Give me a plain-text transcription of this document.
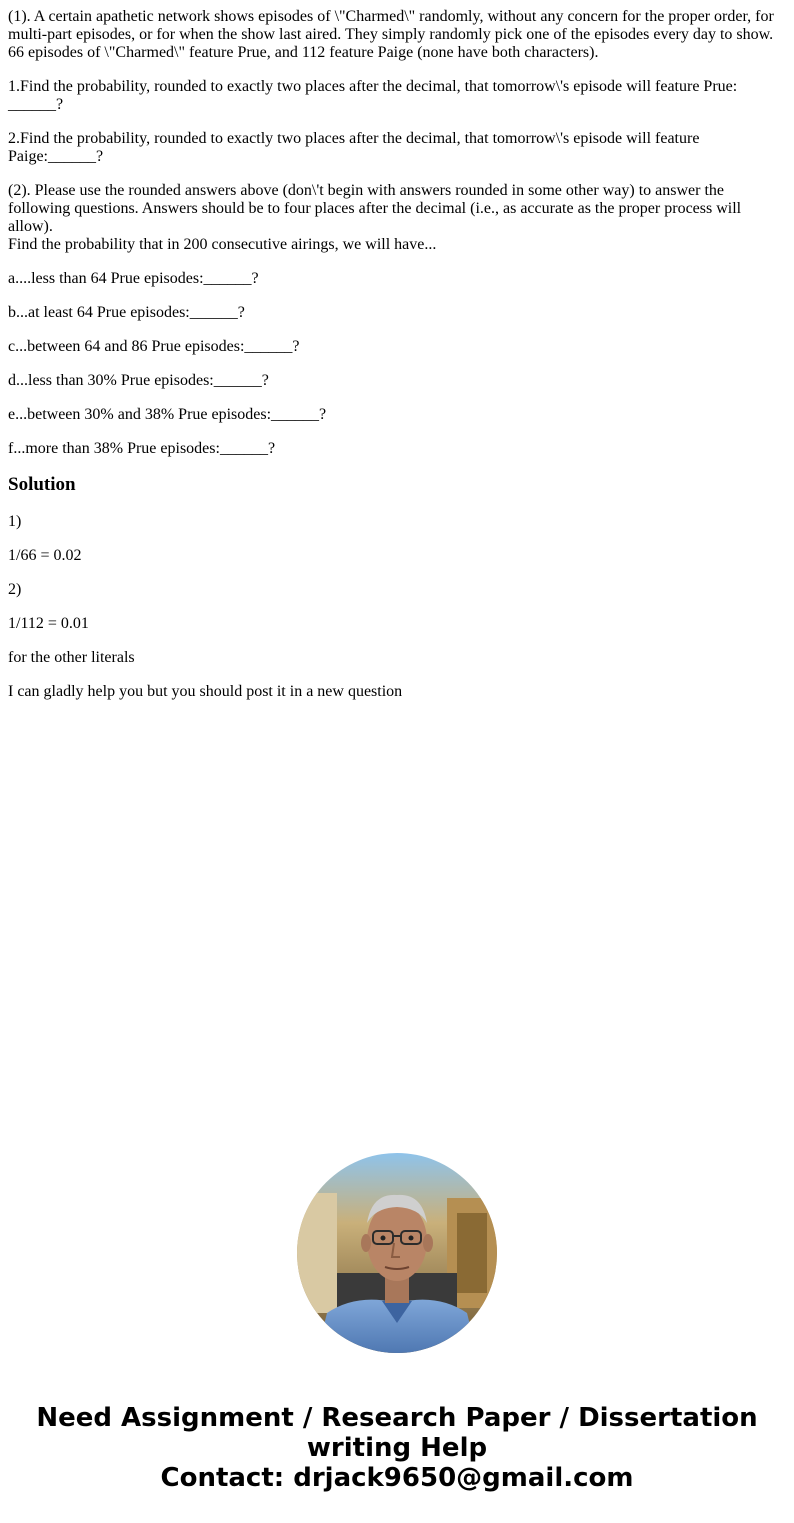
(1). A certain apathetic network shows episodes of \"Charmed\" randomly, without any concern for the proper order, for multi-part episodes, or for when the show last aired. They simply randomly pick one of the episodes every day to show. 66 episodes of \"Charmed\" feature Prue, and 112 feature Paige (none have both characters).

1.Find the probability, rounded to exactly two places after the decimal, that tomorrow\'s episode will feature Prue: ______?

2.Find the probability, rounded to exactly two places after the decimal, that tomorrow\'s episode will feature Paige:______?

(2). Please use the rounded answers above (don\'t begin with answers rounded in some other way) to answer the following questions. Answers should be to four places after the decimal (i.e., as accurate as the proper process will allow).
Find the probability that in 200 consecutive airings, we will have...

a....less than 64 Prue episodes:______?

b...at least 64 Prue episodes:______?

c...between 64 and 86 Prue episodes:______?

d...less than 30% Prue episodes:______?

e...between 30% and 38% Prue episodes:______?

f...more than 38% Prue episodes:______?

Solution

1)

1/66 = 0.02

2)

1/112 = 0.01

for the other literals

I can gladly help you but you should post it in a new question

Need Assignment / Research Paper / Dissertation
writing Help
Contact: drjack9650@gmail.com
